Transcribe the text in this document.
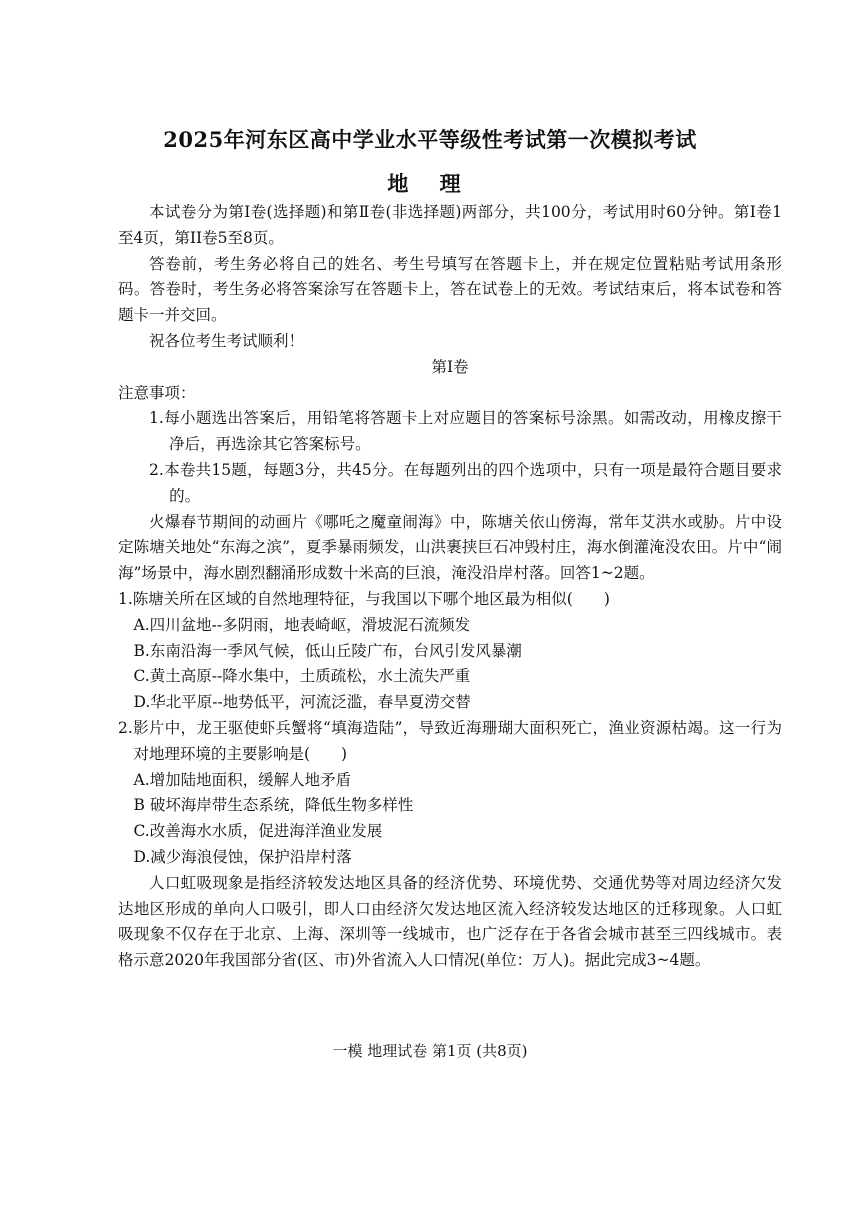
2025年河东区高中学业水平等级性考试第一次模拟考试
地 理

本试卷分为第Ⅰ卷(选择题)和第Ⅱ卷(非选择题)两部分，共100分，考试用时60分钟。第Ⅰ卷1至4页，第II卷5至8页。

答卷前，考生务必将自己的姓名、考生号填写在答题卡上，并在规定位置粘贴考试用条形码。答卷时，考生务必将答案涂写在答题卡上，答在试卷上的无效。考试结束后，将本试卷和答题卡一并交回。

祝各位考生考试顺利！

第Ⅰ卷

注意事项：

1.每小题选出答案后，用铅笔将答题卡上对应题目的答案标号涂黑。如需改动，用橡皮擦干净后，再选涂其它答案标号。

2.本卷共15题，每题3分，共45分。在每题列出的四个选项中，只有一项是最符合题目要求的。

火爆春节期间的动画片《哪吒之魔童闹海》中，陈塘关依山傍海，常年艾洪水或胁。片中设定陈塘关地处“东海之滨”，夏季暴雨频发，山洪裹挟巨石冲毁村庄，海水倒灌淹没农田。片中“闹海”场景中，海水剧烈翻涌形成数十米高的巨浪，淹没沿岸村落。回答1~2题。

1.陈塘关所在区域的自然地理特征，与我国以下哪个地区最为相似(　　)

A.四川盆地--多阴雨，地表崎岖，滑坡泥石流频发

B.东南沿海一季风气候，低山丘陵广布，台风引发风暴潮

C.黄土高原--降水集中，土质疏松，水土流失严重

D.华北平原--地势低平，河流泛滥，春旱夏涝交替

2.影片中，龙王驱使虾兵蟹将“填海造陆”，导致近海珊瑚大面积死亡，渔业资源枯竭。这一行为对地理环境的主要影响是(　　)

A.增加陆地面积，缓解人地矛盾

B 破坏海岸带生态系统，降低生物多样性

C.改善海水水质，促进海洋渔业发展

D.减少海浪侵蚀，保护沿岸村落

人口虹吸现象是指经济较发达地区具备的经济优势、环境优势、交通优势等对周边经济欠发达地区形成的单向人口吸引，即人口由经济欠发达地区流入经济较发达地区的迁移现象。人口虹吸现象不仅存在于北京、上海、深圳等一线城市，也广泛存在于各省会城市甚至三四线城市。表格示意2020年我国部分省(区、市)外省流入人口情况(单位：万人)。据此完成3~4题。

一模 地理试卷 第1页 (共8页)
